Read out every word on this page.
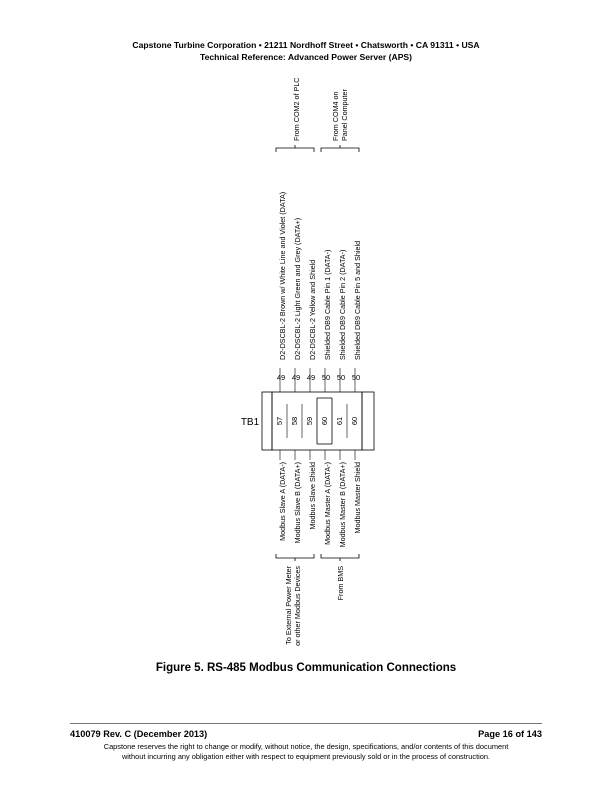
Capstone Turbine Corporation • 21211 Nordhoff Street • Chatsworth • CA 91311 • USA
Technical Reference: Advanced Power Server (APS)
TB1 57 58 59 60 61 60
49 49 49 50 50 50
D2-DSCBL-2 Brown w/ White Line and Violet (DATA) D2-DSCBL-2 Light Green and Grey (DATA+) D2-DSCBL-2 Yellow and Shield Shielded DB9 Cable Pin 1 (DATA-) Shielded DB9 Cable Pin 2 (DATA-) Shielded DB9 Cable Pin 5 and Shield
From COM2 of PLC	From COM4 on Panel Computer
Modbus Slave A (DATA-) Modbus Slave B (DATA+) Modbus Slave Shield Modbus Master A (DATA-) Modbus Master B (DATA+) Modbus Master Shield
To External Power Meter or other Modbus Devices	From BMS
Figure 5. RS-485 Modbus Communication Connections
410079 Rev. C (December 2013)	Page 16 of 143
Capstone reserves the right to change or modify, without notice, the design, specifications, and/or contents of this document
without incurring any obligation either with respect to equipment previously sold or in the process of construction.
